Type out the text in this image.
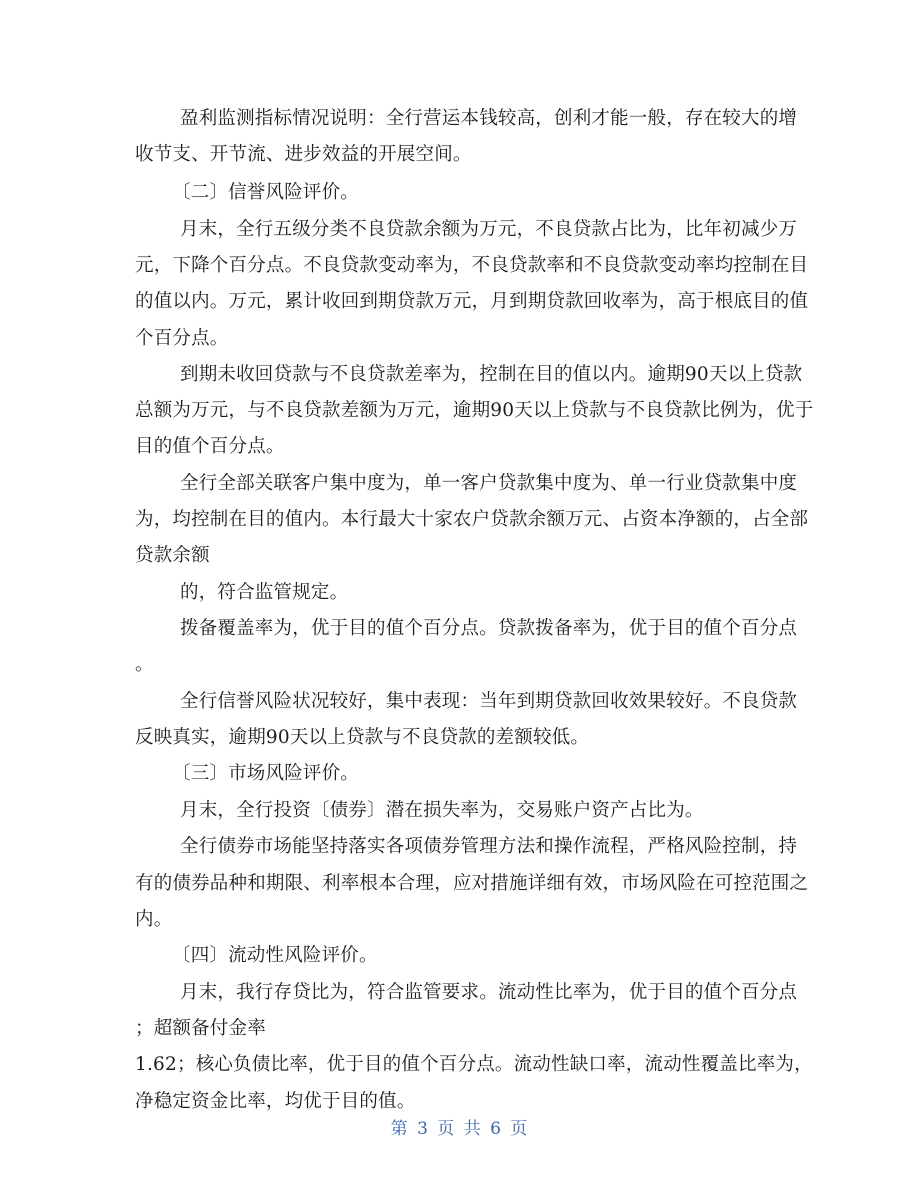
盈利监测指标情况说明：全行营运本钱较高，创利才能一般，存在较大的增
收节支、开节流、进步效益的开展空间。
〔二〕信誉风险评价。
月末，全行五级分类不良贷款余额为万元，不良贷款占比为，比年初减少万
元，下降个百分点。不良贷款变动率为，不良贷款率和不良贷款变动率均控制在目
的值以内。万元，累计收回到期贷款万元，月到期贷款回收率为，高于根底目的值
个百分点。
到期未收回贷款与不良贷款差率为，控制在目的值以内。逾期90天以上贷款
总额为万元，与不良贷款差额为万元，逾期90天以上贷款与不良贷款比例为，优于
目的值个百分点。
全行全部关联客户集中度为，单一客户贷款集中度为、单一行业贷款集中度
为，均控制在目的值内。本行最大十家农户贷款余额万元、占资本净额的，占全部
贷款余额
的，符合监管规定。
拨备覆盖率为，优于目的值个百分点。贷款拨备率为，优于目的值个百分点
。
全行信誉风险状况较好，集中表现：当年到期贷款回收效果较好。不良贷款
反映真实，逾期90天以上贷款与不良贷款的差额较低。
〔三〕市场风险评价。
月末，全行投资〔债券〕潜在损失率为，交易账户资产占比为。
全行债券市场能坚持落实各项债券管理方法和操作流程，严格风险控制，持
有的债券品种和期限、利率根本合理，应对措施详细有效，市场风险在可控范围之
内。
〔四〕流动性风险评价。
月末，我行存贷比为，符合监管要求。流动性比率为，优于目的值个百分点
；超额备付金率
1.62；核心负债比率，优于目的值个百分点。流动性缺口率，流动性覆盖比率为，
净稳定资金比率，均优于目的值。
第 3 页 共 6 页
